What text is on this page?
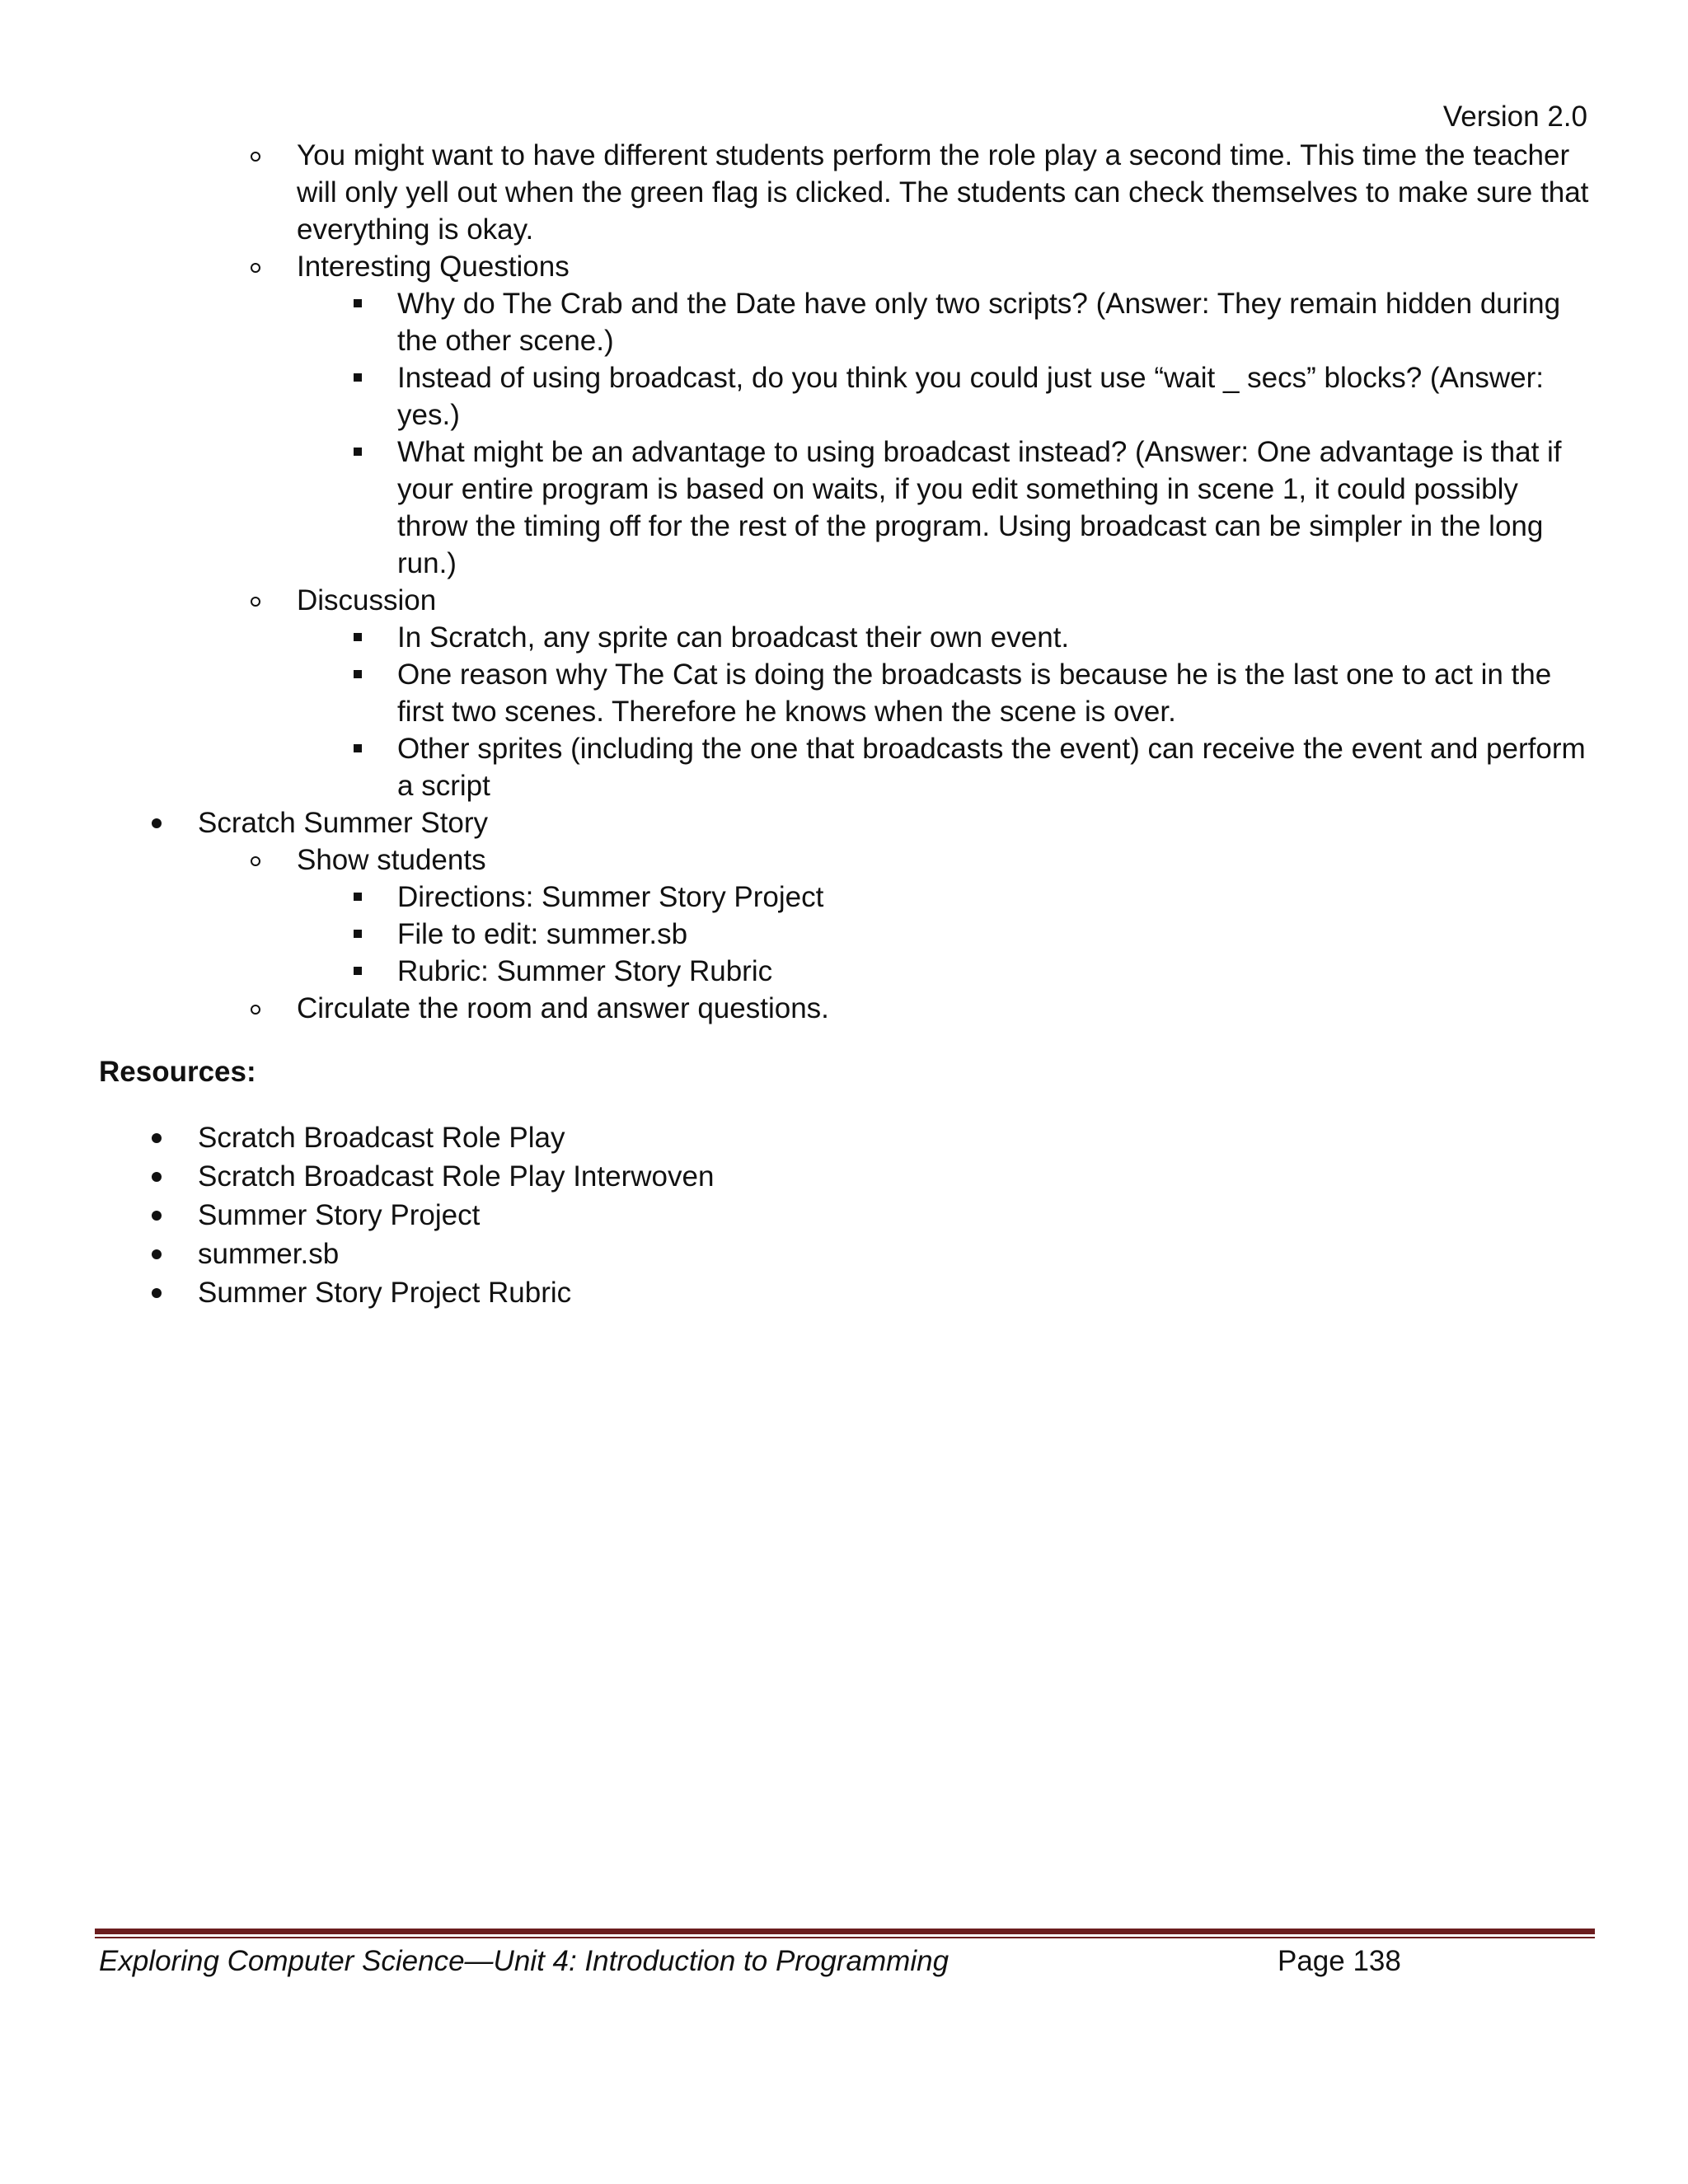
Version 2.0
You might want to have different students perform the role play a second time. This time the teacher will only yell out when the green flag is clicked. The students can check themselves to make sure that everything is okay.
Interesting Questions
Why do The Crab and the Date have only two scripts? (Answer: They remain hidden during the other scene.)
Instead of using broadcast, do you think you could just use “wait _ secs” blocks? (Answer: yes.)
What might be an advantage to using broadcast instead? (Answer: One advantage is that if your entire program is based on waits, if you edit something in scene 1, it could possibly throw the timing off for the rest of the program. Using broadcast can be simpler in the long run.)
Discussion
In Scratch, any sprite can broadcast their own event.
One reason why The Cat is doing the broadcasts is because he is the last one to act in the first two scenes. Therefore he knows when the scene is over.
Other sprites (including the one that broadcasts the event) can receive the event and perform a script
Scratch Summer Story
Show students
Directions: Summer Story Project
File to edit: summer.sb
Rubric: Summer Story Rubric
Circulate the room and answer questions.
Resources:
Scratch Broadcast Role Play
Scratch Broadcast Role Play Interwoven
Summer Story Project
summer.sb
Summer Story Project Rubric
Exploring Computer Science—Unit 4: Introduction to Programming	Page 138
